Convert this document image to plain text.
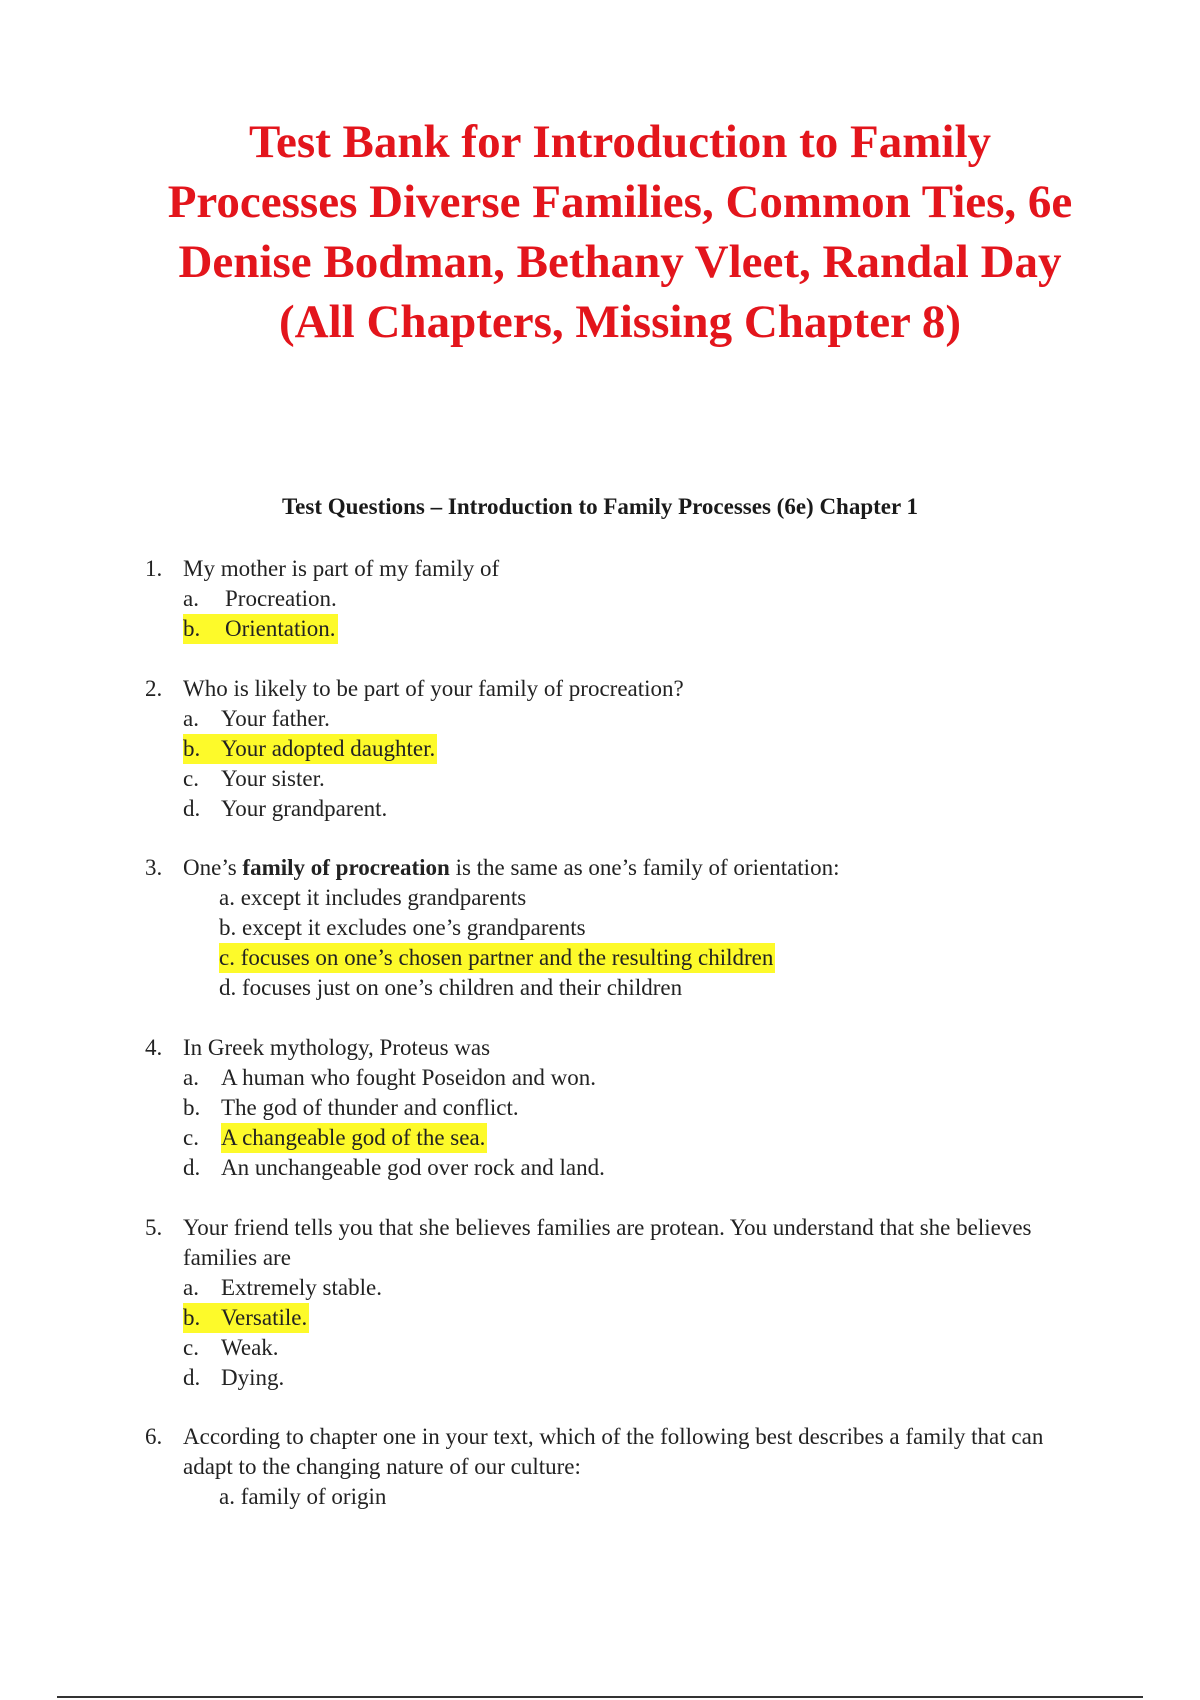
Test Bank for Introduction to Family
Processes Diverse Families, Common Ties, 6e
Denise Bodman, Bethany Vleet, Randal Day
(All Chapters, Missing Chapter 8)
Test Questions – Introduction to Family Processes (6e) Chapter 1
1. My mother is part of my family of
a. Procreation.
b. Orientation.
2. Who is likely to be part of your family of procreation?
a. Your father.
b. Your adopted daughter.
c. Your sister.
d. Your grandparent.
3. One’s family of procreation is the same as one’s family of orientation:
a. except it includes grandparents
b. except it excludes one’s grandparents
c. focuses on one’s chosen partner and the resulting children
d. focuses just on one’s children and their children
4. In Greek mythology, Proteus was
a. A human who fought Poseidon and won.
b. The god of thunder and conflict.
c. A changeable god of the sea.
d. An unchangeable god over rock and land.
5. Your friend tells you that she believes families are protean. You understand that she believes
families are
a. Extremely stable.
b. Versatile.
c. Weak.
d. Dying.
6. According to chapter one in your text, which of the following best describes a family that can
adapt to the changing nature of our culture:
a. family of origin
